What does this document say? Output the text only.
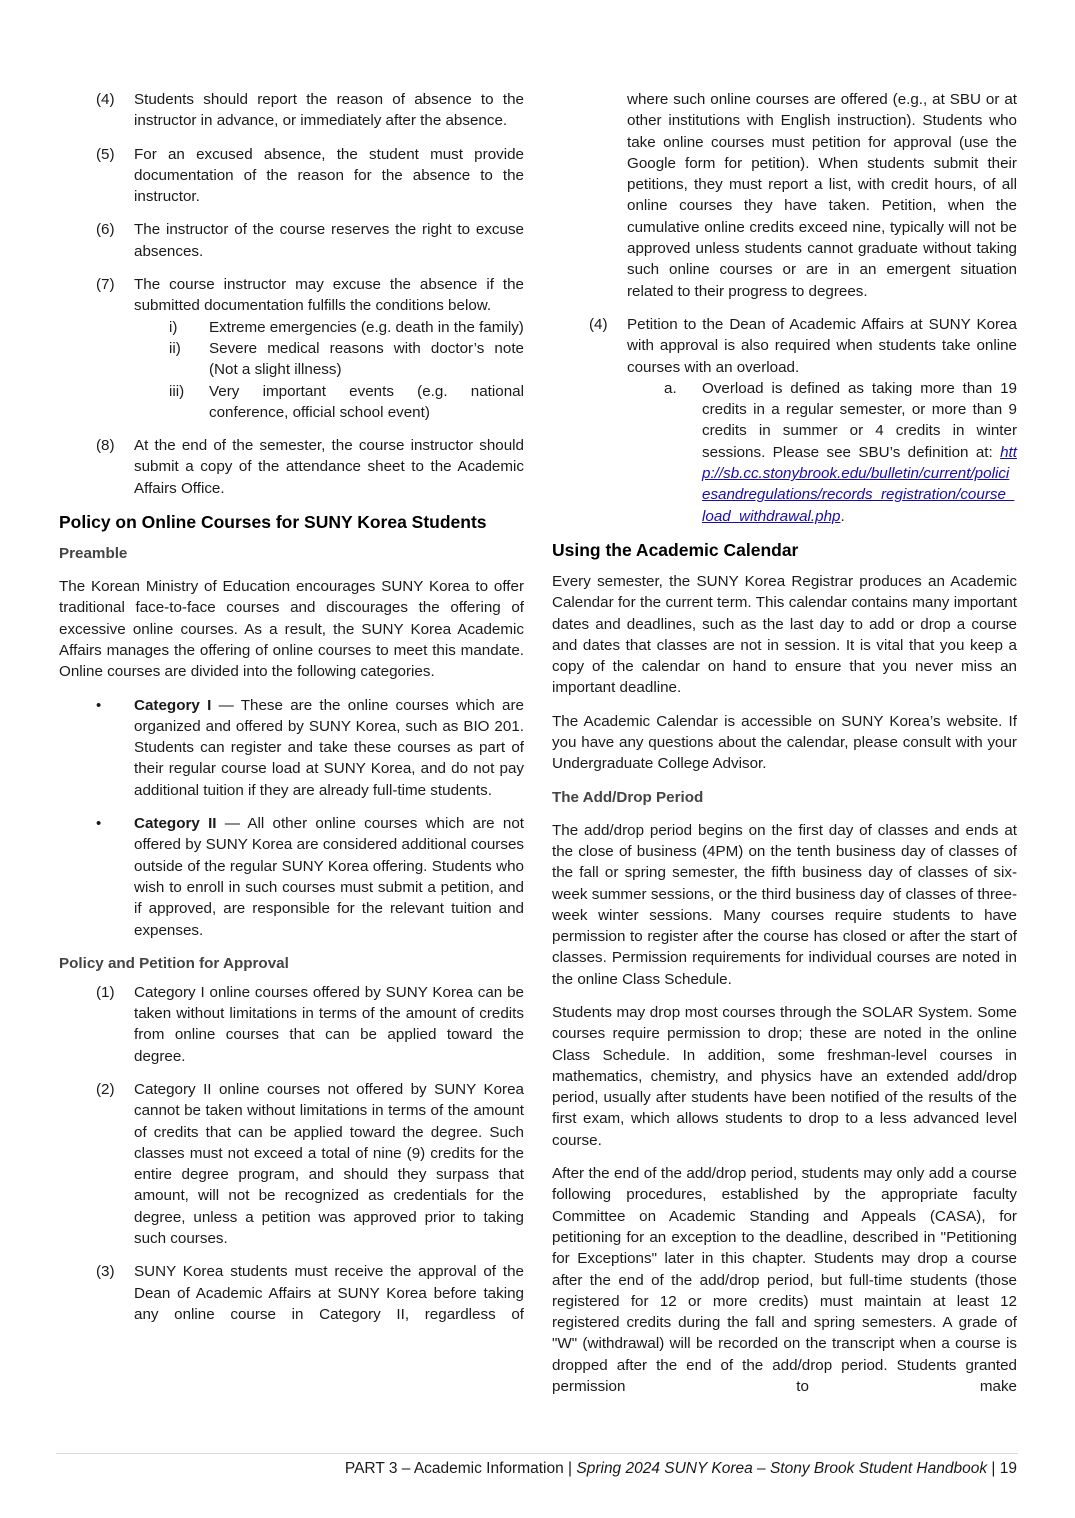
(4) Students should report the reason of absence to the instructor in advance, or immediately after the absence.

(5) For an excused absence, the student must provide documentation of the reason for the absence to the instructor.

(6) The instructor of the course reserves the right to excuse absences.

(7) The course instructor may excuse the absence if the submitted documentation fulfills the conditions below.

i) Extreme emergencies (e.g. death in the family)

ii) Severe medical reasons with doctor’s note (Not a slight illness)

iii) Very important events (e.g. national conference, official school event)

(8) At the end of the semester, the course instructor should submit a copy of the attendance sheet to the Academic Affairs Office.

Policy on Online Courses for SUNY Korea Students
Preamble

The Korean Ministry of Education encourages SUNY Korea to offer traditional face-to-face courses and discourages the offering of excessive online courses. As a result, the SUNY Korea Academic Affairs manages the offering of online courses to meet this mandate. Online courses are divided into the following categories.

• Category I — These are the online courses which are organized and offered by SUNY Korea, such as BIO 201. Students can register and take these courses as part of their regular course load at SUNY Korea, and do not pay additional tuition if they are already full-time students.

• Category II — All other online courses which are not offered by SUNY Korea are considered additional courses outside of the regular SUNY Korea offering. Students who wish to enroll in such courses must submit a petition, and if approved, are responsible for the relevant tuition and expenses.

Policy and Petition for Approval
(1) Category I online courses offered by SUNY Korea can be taken without limitations in terms of the amount of credits from online courses that can be applied toward the degree.

(2) Category II online courses not offered by SUNY Korea cannot be taken without limitations in terms of the amount of credits that can be applied toward the degree. Such classes must not exceed a total of nine (9) credits for the entire degree program, and should they surpass that amount, will not be recognized as credentials for the degree, unless a petition was approved prior to taking such courses.

(3) SUNY Korea students must receive the approval of the Dean of Academic Affairs at SUNY Korea before taking any online course in Category II, regardless of

where such online courses are offered (e.g., at SBU or at other institutions with English instruction). Students who take online courses must petition for approval (use the Google form for petition). When students submit their petitions, they must report a list, with credit hours, of all online courses they have taken. Petition, when the cumulative online credits exceed nine, typically will not be approved unless students cannot graduate without taking such online courses or are in an emergent situation related to their progress to degrees.

(4) Petition to the Dean of Academic Affairs at SUNY Korea with approval is also required when students take online courses with an overload.

a. Overload is defined as taking more than 19 credits in a regular semester, or more than 9 credits in summer or 4 credits in winter sessions. Please see SBU’s definition at: http://sb.cc.stonybrook.edu/bulletin/current/policiesandregulations/records_registration/course_load_withdrawal.php.

Using the Academic Calendar

Every semester, the SUNY Korea Registrar produces an Academic Calendar for the current term. This calendar contains many important dates and deadlines, such as the last day to add or drop a course and dates that classes are not in session. It is vital that you keep a copy of the calendar on hand to ensure that you never miss an important deadline.

The Academic Calendar is accessible on SUNY Korea’s website. If you have any questions about the calendar, please consult with your Undergraduate College Advisor.

The Add/Drop Period

The add/drop period begins on the first day of classes and ends at the close of business (4PM) on the tenth business day of classes of the fall or spring semester, the fifth business day of classes of six-week summer sessions, or the third business day of classes of three-week winter sessions. Many courses require students to have permission to register after the course has closed or after the start of classes. Permission requirements for individual courses are noted in the online Class Schedule.

Students may drop most courses through the SOLAR System. Some courses require permission to drop; these are noted in the online Class Schedule. In addition, some freshman-level courses in mathematics, chemistry, and physics have an extended add/drop period, usually after students have been notified of the results of the first exam, which allows students to drop to a less advanced level course.

After the end of the add/drop period, students may only add a course following procedures, established by the appropriate faculty Committee on Academic Standing and Appeals (CASA), for petitioning for an exception to the deadline, described in "Petitioning for Exceptions" later in this chapter. Students may drop a course after the end of the add/drop period, but full-time students (those registered for 12 or more credits) must maintain at least 12 registered credits during the fall and spring semesters. A grade of "W" (withdrawal) will be recorded on the transcript when a course is dropped after the end of the add/drop period. Students granted permission to make

PART 3 – Academic Information | Spring 2024 SUNY Korea – Stony Brook Student Handbook | 19
